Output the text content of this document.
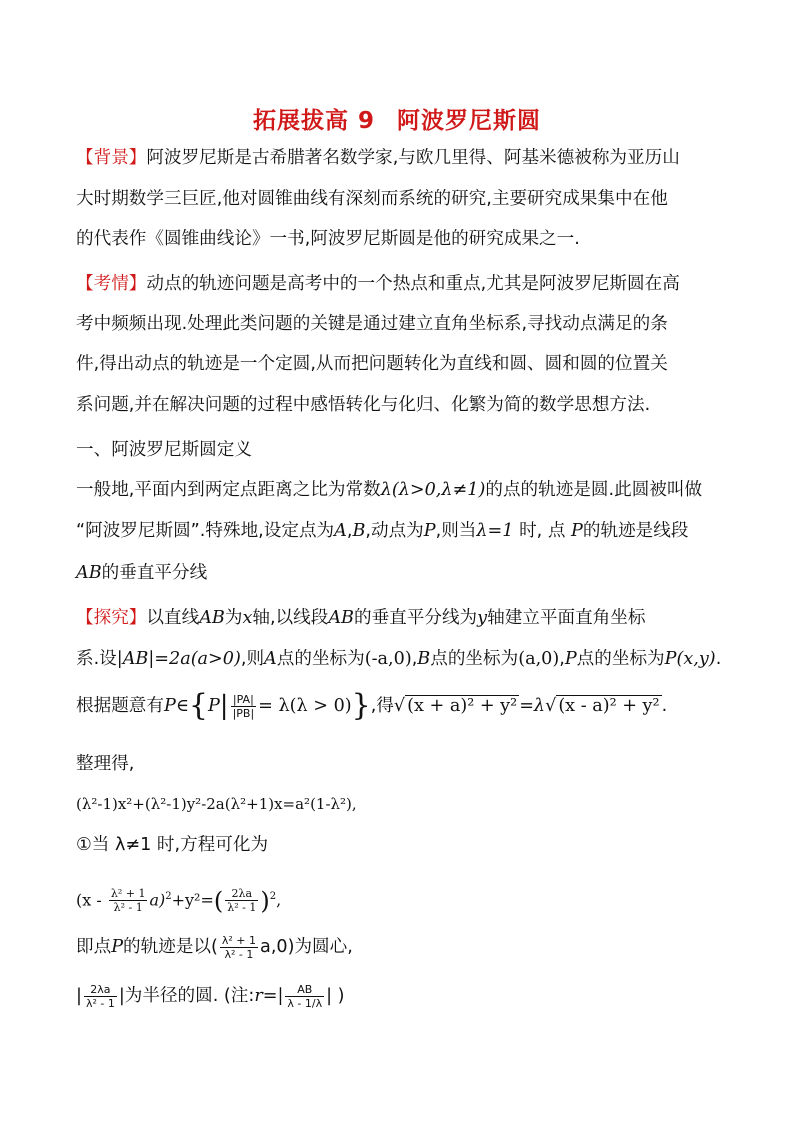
拓展拔高 9 阿波罗尼斯圆
【背景】阿波罗尼斯是古希腊著名数学家,与欧几里得、阿基米德被称为亚历山
大时期数学三巨匠,他对圆锥曲线有深刻而系统的研究,主要研究成果集中在他
的代表作《圆锥曲线论》一书,阿波罗尼斯圆是他的研究成果之一.
【考情】动点的轨迹问题是高考中的一个热点和重点,尤其是阿波罗尼斯圆在高
考中频频出现.处理此类问题的关键是通过建立直角坐标系,寻找动点满足的条
件,得出动点的轨迹是一个定圆,从而把问题转化为直线和圆、圆和圆的位置关
系问题,并在解决问题的过程中感悟转化与化归、化繁为简的数学思想方法.
一、阿波罗尼斯圆定义
一般地,平面内到两定点距离之比为常数λ(λ>0,λ≠1)的点的轨迹是圆.此圆被叫做
“阿波罗尼斯圆”.特殊地,设定点为A,B,动点为P,则当λ=1 时, 点 P的轨迹是线段
AB的垂直平分线
【探究】以直线AB为x轴,以线段AB的垂直平分线为y轴建立平面直角坐标
系.设|AB|=2a(a>0),则A点的坐标为(-a,0),B点的坐标为(a,0),P点的坐标为P(x,y).
根据题意有P∈{P| $\frac{|PA|}{|PB|} = \lambda(\lambda > 0)$},得√ (x + a)² + y² =λ√ (x - a)² + y² .
整理得,
(λ²-1)x²+(λ²-1)y²-2a(λ²+1)x=a²(1-λ²),
①当 λ≠1 时,方程可化为
$(x - \frac{\text{λ² + 1}}{\text{λ² - 1}} a)^2+y^2=( \frac{2\lambda a}{\text{λ² - 1}} )^2$,
即点P的轨迹是以( $\frac{\text{λ² + 1}}{\text{λ² - 1}} a,0$)为圆心,
| $\frac{2\lambda a}{\text{λ² - 1}}$ |为半径的圆. (注:r=| $\frac{AB}{\lambda - 1/\lambda}$ | )
